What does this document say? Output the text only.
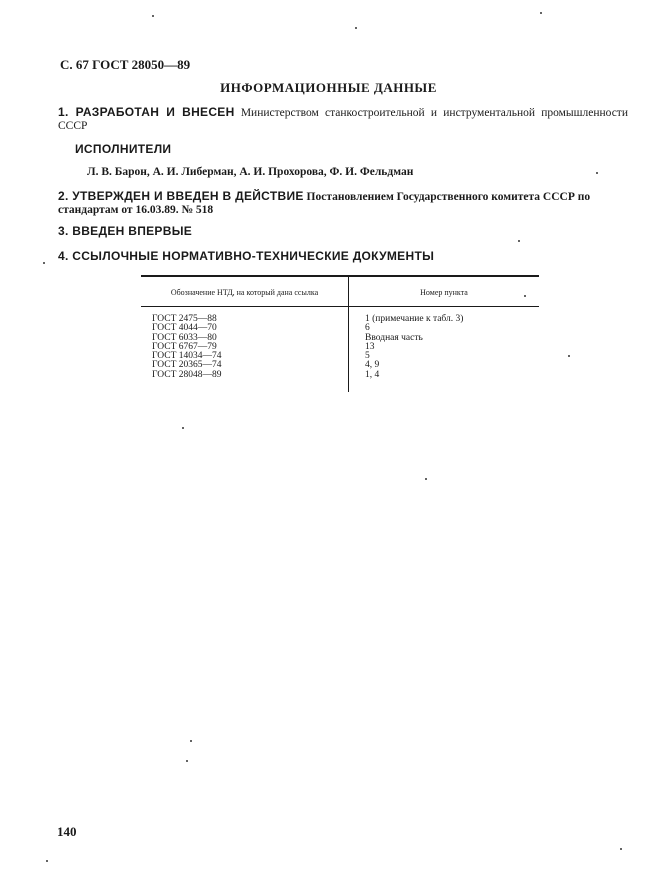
С. 67 ГОСТ 28050—89
ИНФОРМАЦИОННЫЕ ДАННЫЕ
1. РАЗРАБОТАН И ВНЕСЕН Министерством станкостроительной и инструментальной промышленности СССР
ИСПОЛНИТЕЛИ
Л. В. Барон, А. И. Либерман, А. И. Прохорова, Ф. И. Фельдман
2. УТВЕРЖДЕН И ВВЕДЕН В ДЕЙСТВИЕ Постановлением Государственного комитета СССР по стандартам от 16.03.89. № 518
3. ВВЕДЕН ВПЕРВЫЕ
4. ССЫЛОЧНЫЕ НОРМАТИВНО-ТЕХНИЧЕСКИЕ ДОКУМЕНТЫ
Обозначение НТД, на который дана ссылка	Номер пункта
ГОСТ 2475—88
ГОСТ 4044—70
ГОСТ 6033—80
ГОСТ 6767—79
ГОСТ 14034—74
ГОСТ 20365—74
ГОСТ 28048—89
1 (примечание к табл. 3)
6
Вводная часть
13
5
4, 9
1, 4
140
